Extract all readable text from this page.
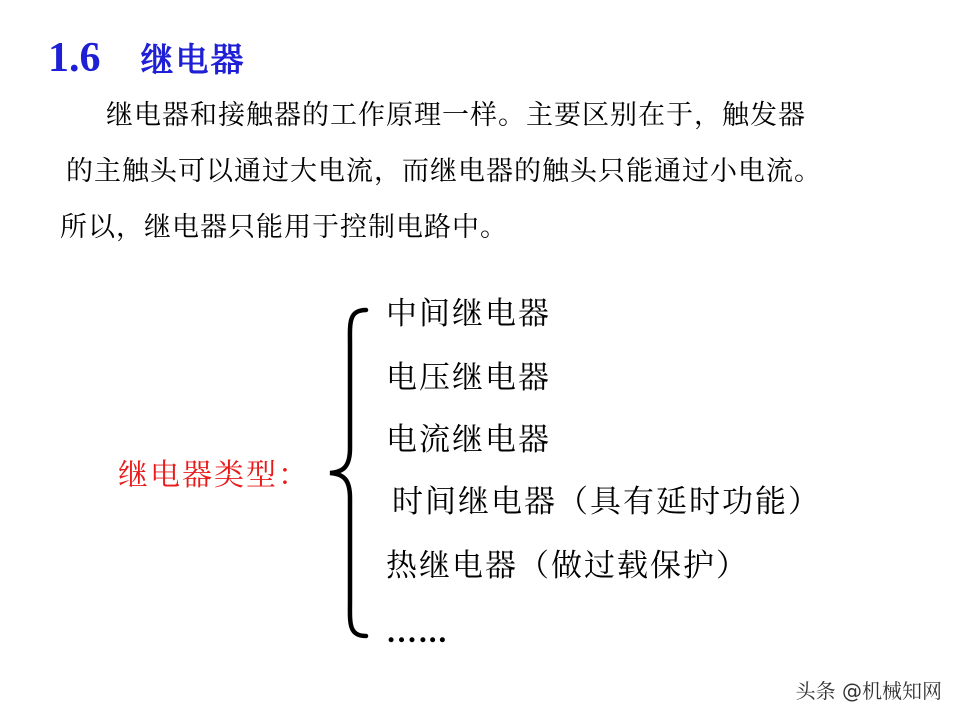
1.6 继电器
继电器和接触器的工作原理一样。主要区别在于，触发器
的主触头可以通过大电流，而继电器的触头只能通过小电流。
所以，继电器只能用于控制电路中。
继电器类型：
中间继电器
电压继电器
电流继电器
时间继电器（具有延时功能）
热继电器（做过载保护）
…...
头条 @机械知网
